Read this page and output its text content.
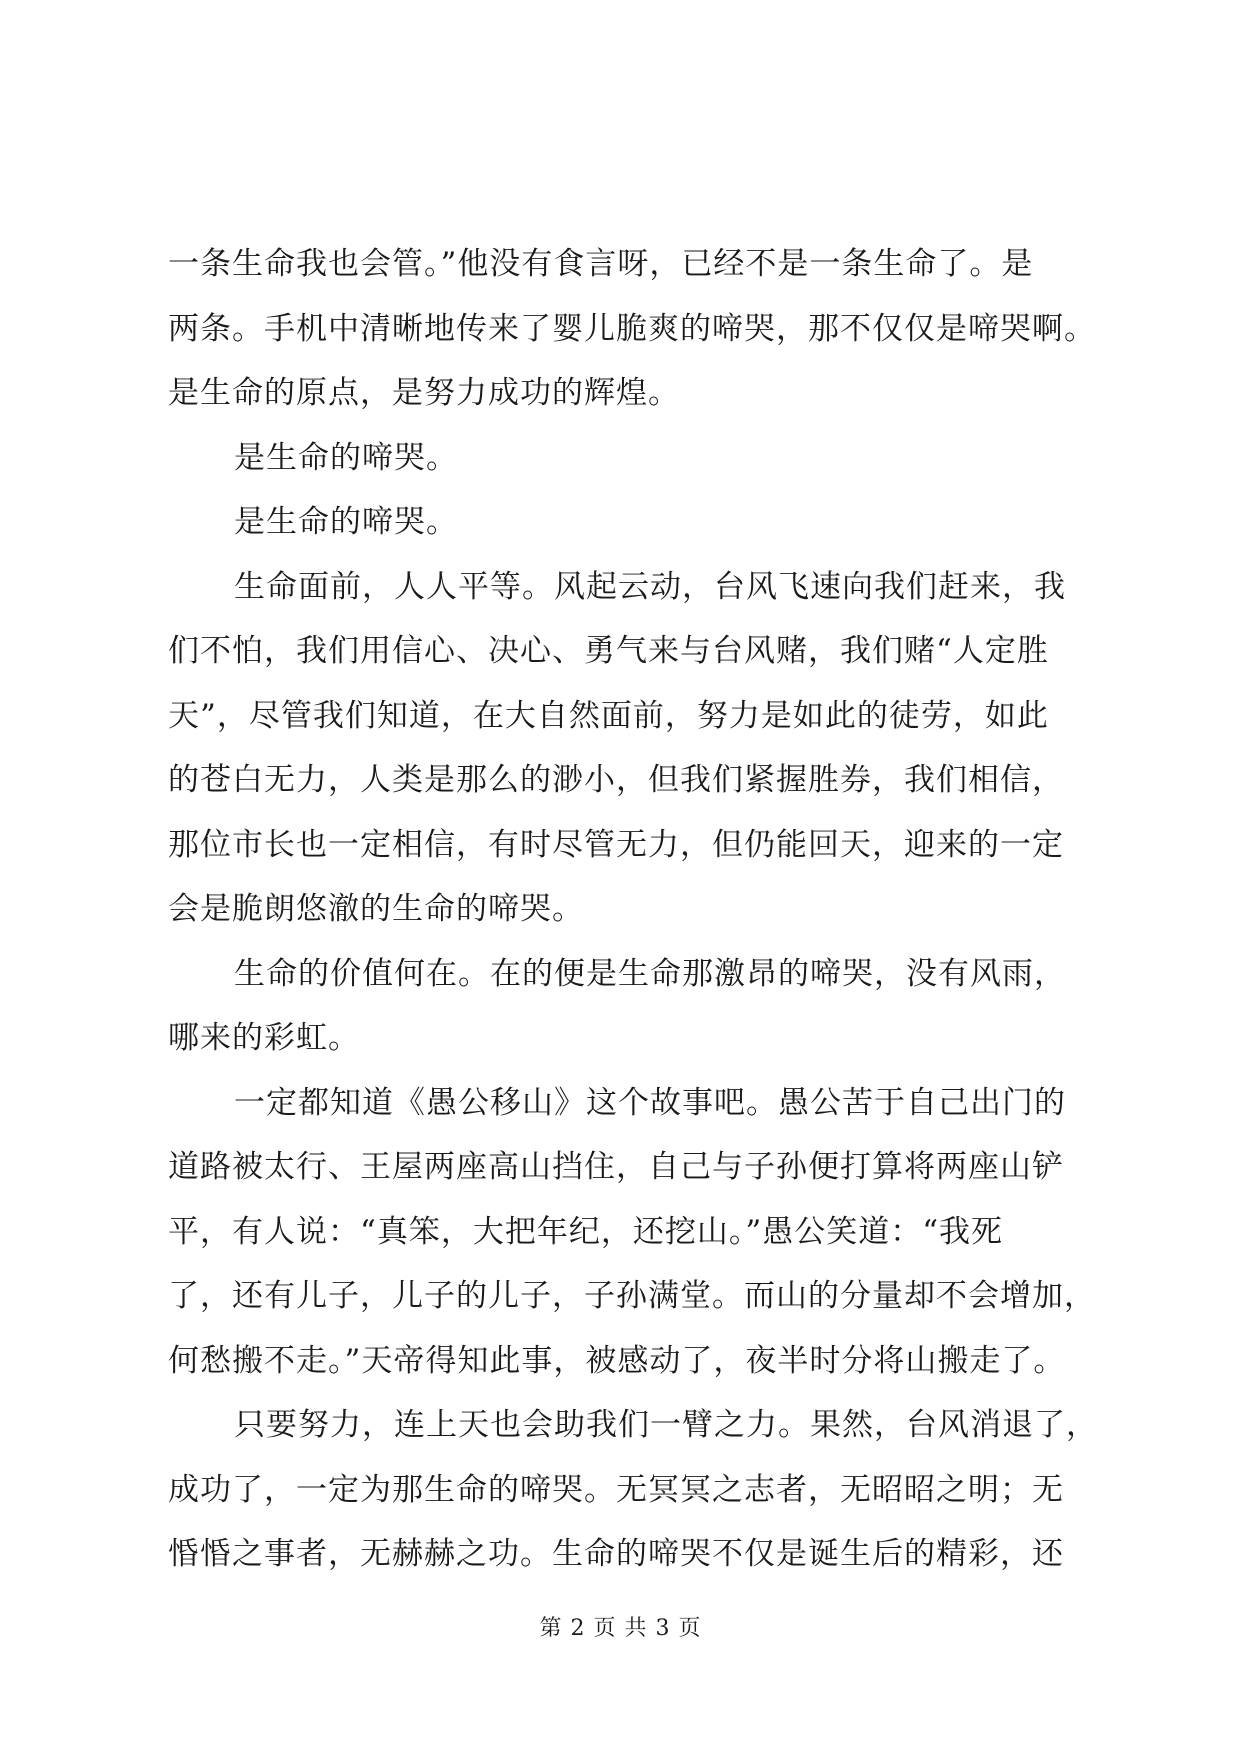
一条生命我也会管。”他没有食言呀，已经不是一条生命了。是
两条。手机中清晰地传来了婴儿脆爽的啼哭，那不仅仅是啼哭啊。
是生命的原点，是努力成功的辉煌。
是生命的啼哭。
是生命的啼哭。
生命面前，人人平等。风起云动，台风飞速向我们赶来，我
们不怕，我们用信心、决心、勇气来与台风赌，我们赌“人定胜
天”，尽管我们知道，在大自然面前，努力是如此的徒劳，如此
的苍白无力，人类是那么的渺小，但我们紧握胜券，我们相信，
那位市长也一定相信，有时尽管无力，但仍能回天，迎来的一定
会是脆朗悠澈的生命的啼哭。
生命的价值何在。在的便是生命那激昂的啼哭，没有风雨，
哪来的彩虹。
一定都知道《愚公移山》这个故事吧。愚公苦于自己出门的
道路被太行、王屋两座高山挡住，自己与子孙便打算将两座山铲
平，有人说：“真笨，大把年纪，还挖山。”愚公笑道：“我死
了，还有儿子，儿子的儿子，子孙满堂。而山的分量却不会增加，
何愁搬不走。”天帝得知此事，被感动了，夜半时分将山搬走了。
只要努力，连上天也会助我们一臂之力。果然，台风消退了，
成功了，一定为那生命的啼哭。无冥冥之志者，无昭昭之明；无
惛惛之事者，无赫赫之功。生命的啼哭不仅是诞生后的精彩，还
第 2 页 共 3 页
